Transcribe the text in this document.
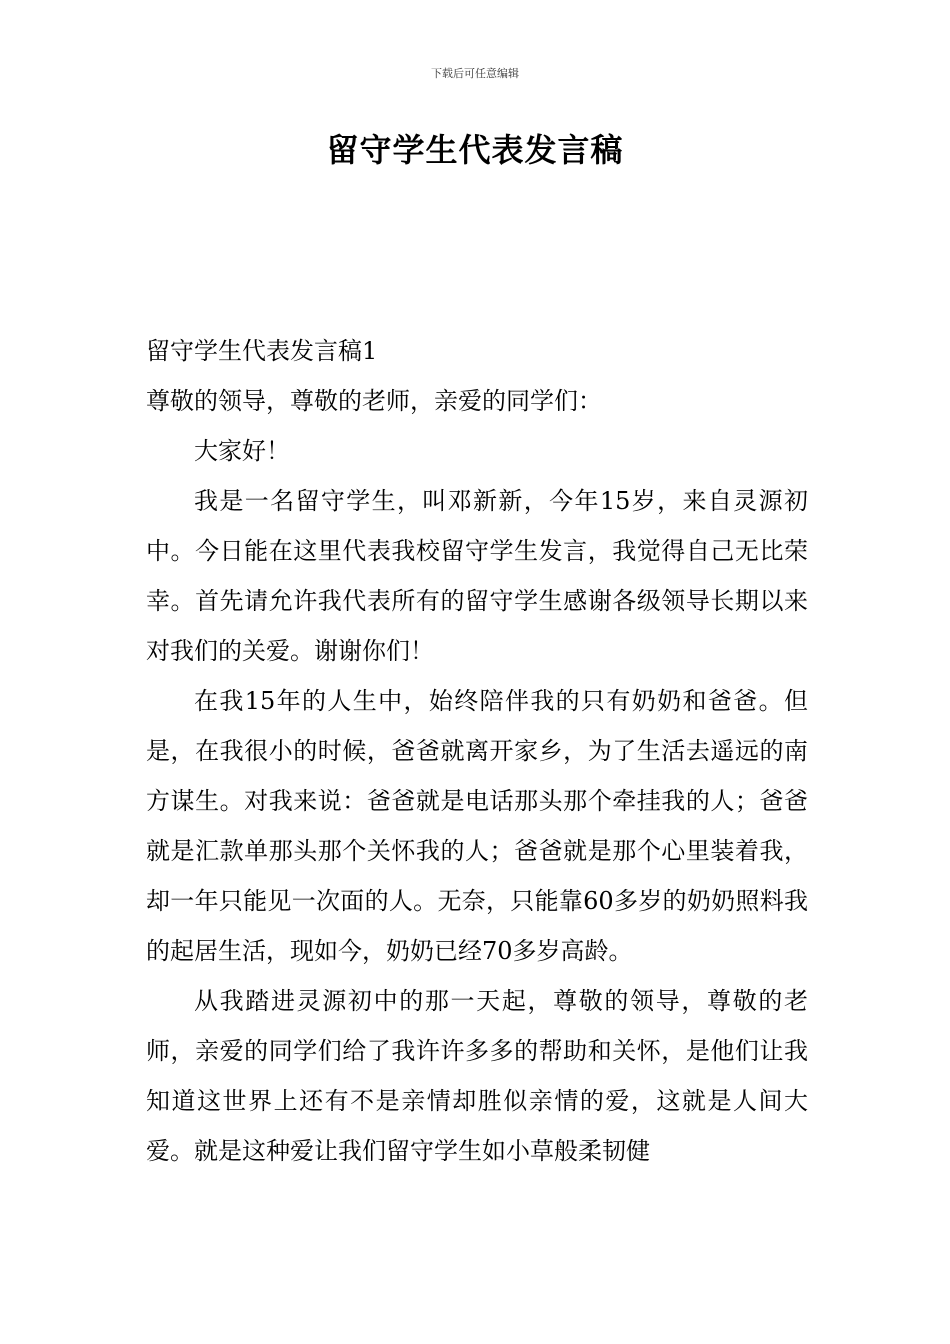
下载后可任意编辑
留守学生代表发言稿

留守学生代表发言稿1

尊敬的领导，尊敬的老师，亲爱的同学们：

大家好！

我是一名留守学生，叫邓新新，今年15岁，来自灵源初中。今日能在这里代表我校留守学生发言，我觉得自己无比荣幸。首先请允许我代表所有的留守学生感谢各级领导长期以来对我们的关爱。谢谢你们！

在我15年的人生中，始终陪伴我的只有奶奶和爸爸。但是，在我很小的时候，爸爸就离开家乡，为了生活去遥远的南方谋生。对我来说：爸爸就是电话那头那个牵挂我的人；爸爸就是汇款单那头那个关怀我的人；爸爸就是那个心里装着我，却一年只能见一次面的人。无奈，只能靠60多岁的奶奶照料我的起居生活，现如今，奶奶已经70多岁高龄。

从我踏进灵源初中的那一天起，尊敬的领导，尊敬的老师，亲爱的同学们给了我许许多多的帮助和关怀，是他们让我知道这世界上还有不是亲情却胜似亲情的爱，这就是人间大爱。就是这种爱让我们留守学生如小草般柔韧健
